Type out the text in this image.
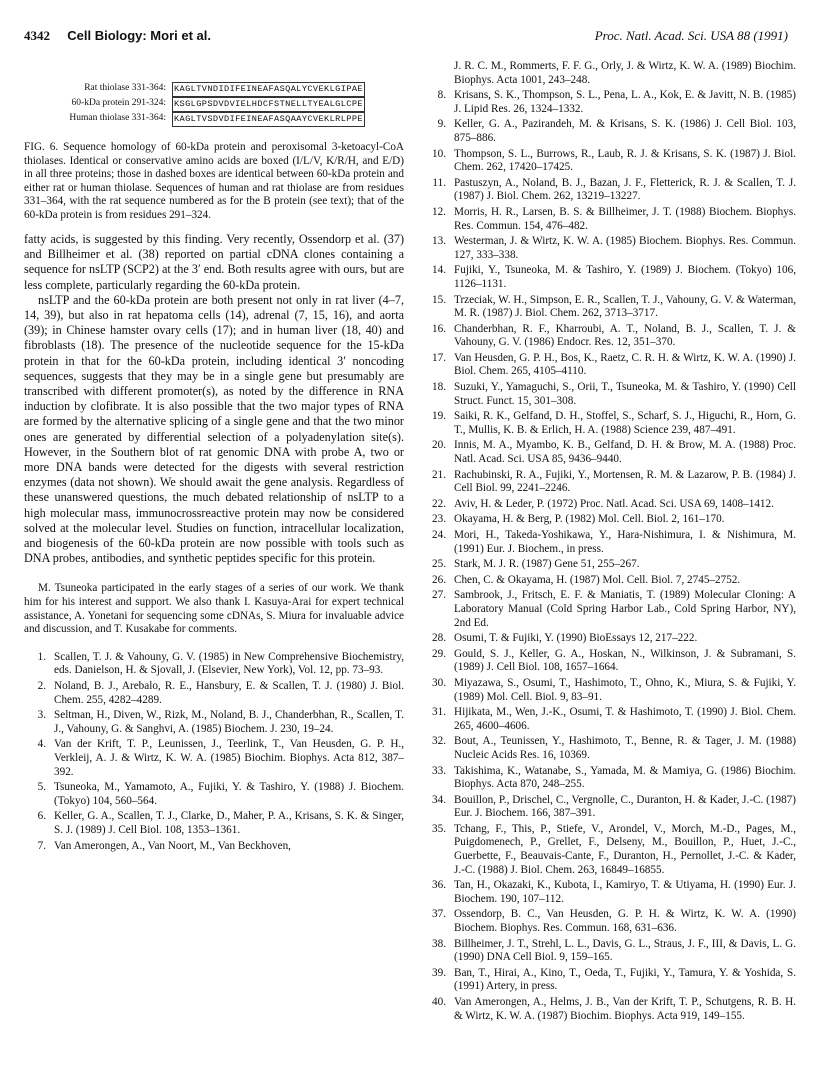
4342 Cell Biology: Mori et al.	Proc. Natl. Acad. Sci. USA 88 (1991)
Rat thiolase 331-364: KAGLTVNDIDIFEINEAFASQALYCVEKLGIPAE
60-kDa protein 291-324: KSGLGPSDVDVIELHDCFSTNELLTYEALGLCPE
Human thiolase 331-364: KAGLTVSDVDIFEINEAFASQAAYCVEKLRLPPE
FIG. 6. Sequence homology of 60-kDa protein and peroxisomal 3-ketoacyl-CoA thiolases. Identical or conservative amino acids are boxed (I/L/V, K/R/H, and E/D) in all three proteins; those in dashed boxes are identical between 60-kDa protein and either rat or human thiolase. Sequences of human and rat thiolase are from residues 331–364, with the rat sequence numbered as for the B protein (see text); that of the 60-kDa protein is from residues 291–324.

fatty acids, is suggested by this finding. Very recently, Ossendorp et al. (37) and Billheimer et al. (38) reported on partial cDNA clones containing a sequence for nsLTP (SCP2) at the 3′ end. Both results agree with ours, but are less complete, particularly regarding the 60-kDa protein.

nsLTP and the 60-kDa protein are both present not only in rat liver (4–7, 14, 39), but also in rat hepatoma cells (14), adrenal (7, 15, 16), and aorta (39); in Chinese hamster ovary cells (17); and in human liver (18, 40) and fibroblasts (18). The presence of the nucleotide sequence for the 15-kDa protein in that for the 60-kDa protein, including identical 3′ noncoding sequences, suggests that they may be in a single gene but presumably are transcribed with different promoter(s), as noted by the difference in RNA induction by clofibrate. It is also possible that the two major types of RNA are formed by the alternative splicing of a single gene and that the two minor ones are generated by differential selection of a polyadenylation site(s). However, in the Southern blot of rat genomic DNA with probe A, two or more DNA bands were detected for the digests with several restriction enzymes (data not shown). We should await the gene analysis. Regardless of these unanswered questions, the much debated relationship of nsLTP to a high molecular mass, immunocrossreactive protein may now be considered solved at the molecular level. Studies on function, intracellular localization, and biogenesis of the 60-kDa protein are now possible with tools such as DNA probes, antibodies, and synthetic peptides specific for this protein.

M. Tsuneoka participated in the early stages of a series of our work. We thank him for his interest and support. We also thank I. Kasuya-Arai for expert technical assistance, A. Yonetani for sequencing some cDNAs, S. Miura for invaluable advice and discussion, and T. Kusakabe for comments.
1. Scallen, T. J. & Vahouny, G. V. (1985) in New Comprehensive Biochemistry, eds. Danielson, H. & Sjovall, J. (Elsevier, New York), Vol. 12, pp. 73–93.
2. Noland, B. J., Arebalo, R. E., Hansbury, E. & Scallen, T. J. (1980) J. Biol. Chem. 255, 4282–4289.
3. Seltman, H., Diven, W., Rizk, M., Noland, B. J., Chanderbhan, R., Scallen, T. J., Vahouny, G. & Sanghvi, A. (1985) Biochem. J. 230, 19–24.
4. Van der Krift, T. P., Leunissen, J., Teerlink, T., Van Heusden, G. P. H., Verkleij, A. J. & Wirtz, K. W. A. (1985) Biochim. Biophys. Acta 812, 387–392.
5. Tsuneoka, M., Yamamoto, A., Fujiki, Y. & Tashiro, Y. (1988) J. Biochem. (Tokyo) 104, 560–564.
6. Keller, G. A., Scallen, T. J., Clarke, D., Maher, P. A., Krisans, S. K. & Singer, S. J. (1989) J. Cell Biol. 108, 1353–1361.
7. Van Amerongen, A., Van Noort, M., Van Beckhoven,
J. R. C. M., Rommerts, F. F. G., Orly, J. & Wirtz, K. W. A. (1989) Biochim. Biophys. Acta 1001, 243–248.
8. Krisans, S. K., Thompson, S. L., Pena, L. A., Kok, E. & Javitt, N. B. (1985) J. Lipid Res. 26, 1324–1332.
9. Keller, G. A., Pazirandeh, M. & Krisans, S. K. (1986) J. Cell Biol. 103, 875–886.
10. Thompson, S. L., Burrows, R., Laub, R. J. & Krisans, S. K. (1987) J. Biol. Chem. 262, 17420–17425.
11. Pastuszyn, A., Noland, B. J., Bazan, J. F., Fletterick, R. J. & Scallen, T. J. (1987) J. Biol. Chem. 262, 13219–13227.
12. Morris, H. R., Larsen, B. S. & Billheimer, J. T. (1988) Biochem. Biophys. Res. Commun. 154, 476–482.
13. Westerman, J. & Wirtz, K. W. A. (1985) Biochem. Biophys. Res. Commun. 127, 333–338.
14. Fujiki, Y., Tsuneoka, M. & Tashiro, Y. (1989) J. Biochem. (Tokyo) 106, 1126–1131.
15. Trzeciak, W. H., Simpson, E. R., Scallen, T. J., Vahouny, G. V. & Waterman, M. R. (1987) J. Biol. Chem. 262, 3713–3717.
16. Chanderbhan, R. F., Kharroubi, A. T., Noland, B. J., Scallen, T. J. & Vahouny, G. V. (1986) Endocr. Res. 12, 351–370.
17. Van Heusden, G. P. H., Bos, K., Raetz, C. R. H. & Wirtz, K. W. A. (1990) J. Biol. Chem. 265, 4105–4110.
18. Suzuki, Y., Yamaguchi, S., Orii, T., Tsuneoka, M. & Tashiro, Y. (1990) Cell Struct. Funct. 15, 301–308.
19. Saiki, R. K., Gelfand, D. H., Stoffel, S., Scharf, S. J., Higuchi, R., Horn, G. T., Mullis, K. B. & Erlich, H. A. (1988) Science 239, 487–491.
20. Innis, M. A., Myambo, K. B., Gelfand, D. H. & Brow, M. A. (1988) Proc. Natl. Acad. Sci. USA 85, 9436–9440.
21. Rachubinski, R. A., Fujiki, Y., Mortensen, R. M. & Lazarow, P. B. (1984) J. Cell Biol. 99, 2241–2246.
22. Aviv, H. & Leder, P. (1972) Proc. Natl. Acad. Sci. USA 69, 1408–1412.
23. Okayama, H. & Berg, P. (1982) Mol. Cell. Biol. 2, 161–170.
24. Mori, H., Takeda-Yoshikawa, Y., Hara-Nishimura, I. & Nishimura, M. (1991) Eur. J. Biochem., in press.
25. Stark, M. J. R. (1987) Gene 51, 255–267.
26. Chen, C. & Okayama, H. (1987) Mol. Cell. Biol. 7, 2745–2752.
27. Sambrook, J., Fritsch, E. F. & Maniatis, T. (1989) Molecular Cloning: A Laboratory Manual (Cold Spring Harbor Lab., Cold Spring Harbor, NY), 2nd Ed.
28. Osumi, T. & Fujiki, Y. (1990) BioEssays 12, 217–222.
29. Gould, S. J., Keller, G. A., Hoskan, N., Wilkinson, J. & Subramani, S. (1989) J. Cell Biol. 108, 1657–1664.
30. Miyazawa, S., Osumi, T., Hashimoto, T., Ohno, K., Miura, S. & Fujiki, Y. (1989) Mol. Cell. Biol. 9, 83–91.
31. Hijikata, M., Wen, J.-K., Osumi, T. & Hashimoto, T. (1990) J. Biol. Chem. 265, 4600–4606.
32. Bout, A., Teunissen, Y., Hashimoto, T., Benne, R. & Tager, J. M. (1988) Nucleic Acids Res. 16, 10369.
33. Takishima, K., Watanabe, S., Yamada, M. & Mamiya, G. (1986) Biochim. Biophys. Acta 870, 248–255.
34. Bouillon, P., Drischel, C., Vergnolle, C., Duranton, H. & Kader, J.-C. (1987) Eur. J. Biochem. 166, 387–391.
35. Tchang, F., This, P., Stiefe, V., Arondel, V., Morch, M.-D., Pages, M., Puigdomenech, P., Grellet, F., Delseny, M., Bouillon, P., Huet, J.-C., Guerbette, F., Beauvais-Cante, F., Duranton, H., Pernollet, J.-C. & Kader, J.-C. (1988) J. Biol. Chem. 263, 16849–16855.
36. Tan, H., Okazaki, K., Kubota, I., Kamiryo, T. & Utiyama, H. (1990) Eur. J. Biochem. 190, 107–112.
37. Ossendorp, B. C., Van Heusden, G. P. H. & Wirtz, K. W. A. (1990) Biochem. Biophys. Res. Commun. 168, 631–636.
38. Billheimer, J. T., Strehl, L. L., Davis, G. L., Straus, J. F., III, & Davis, L. G. (1990) DNA Cell Biol. 9, 159–165.
39. Ban, T., Hirai, A., Kino, T., Oeda, T., Fujiki, Y., Tamura, Y. & Yoshida, S. (1991) Artery, in press.
40. Van Amerongen, A., Helms, J. B., Van der Krift, T. P., Schutgens, R. B. H. & Wirtz, K. W. A. (1987) Biochim. Biophys. Acta 919, 149–155.
